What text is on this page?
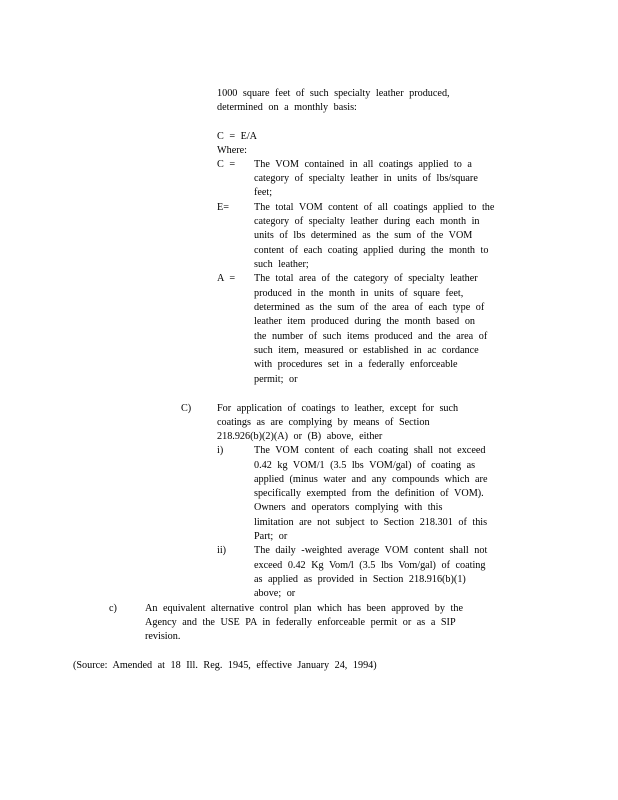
1000 square feet of such specialty leather produced,
determined on a monthly basis:
C = E/A
Where:
C = The VOM contained in all coatings applied to a
category of specialty leather in units of lbs/square
feet;
E= The total VOM content of all coatings applied to the
category of specialty leather during each month in
units of lbs determined as the sum of the VOM
content of each coating applied during the month to
such leather;
A = The total area of the category of specialty leather
produced in the month in units of square feet,
determined as the sum of the area of each type of
leather item produced during the month based on
the number of such items produced and the area of
such item, measured or established in ac cordance
with procedures set in a federally enforceable
permit; or
C)	For application of coatings to leather, except for such
coatings as are complying by means of Section
218.926(b)(2)(A) or (B) above, either
i)	The VOM content of each coating shall not exceed
0.42 kg VOM/1 (3.5 lbs VOM/gal) of coating as
applied (minus water and any compounds which are
specifically exempted from the definition of VOM).
Owners and operators complying with this
limitation are not subject to Section 218.301 of this
Part; or
ii)	The daily -weighted average VOM content shall not
exceed 0.42 Kg Vom/l (3.5 lbs Vom/gal) of coating
as applied as provided in Section 218.916(b)(1)
above; or
c)	An equivalent alternative control plan which has been approved by the
Agency and the USE PA in federally enforceable permit or as a SIP
revision.
(Source: Amended at 18 Ill. Reg. 1945, effective January 24, 1994)
